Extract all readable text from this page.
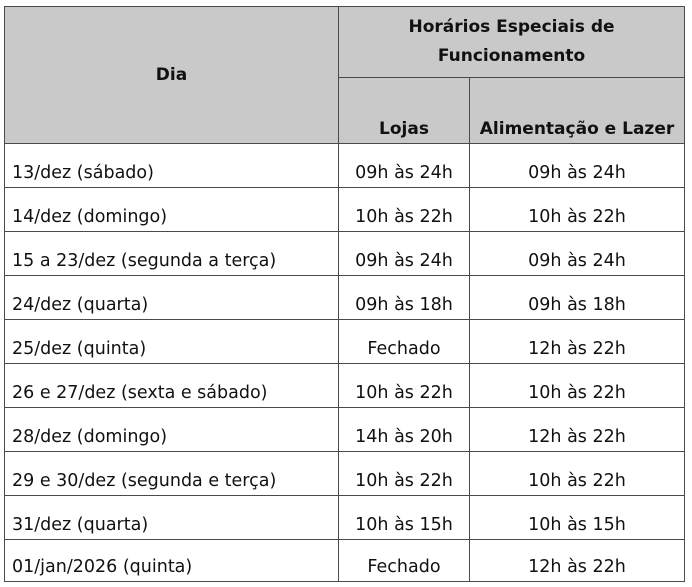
Dia	Horários Especiais de Funcionamento	
	Lojas	Alimentação e Lazer
13/dez (sábado)	09h às 24h	09h às 24h
14/dez (domingo)	10h às 22h	10h às 22h
15 a 23/dez (segunda a terça)	09h às 24h	09h às 24h
24/dez (quarta)	09h às 18h	09h às 18h
25/dez (quinta)	Fechado	12h às 22h
26 e 27/dez (sexta e sábado)	10h às 22h	10h às 22h
28/dez (domingo)	14h às 20h	12h às 22h
29 e 30/dez (segunda e terça)	10h às 22h	10h às 22h
31/dez (quarta)	10h às 15h	10h às 15h
01/jan/2026 (quinta)	Fechado	12h às 22h
